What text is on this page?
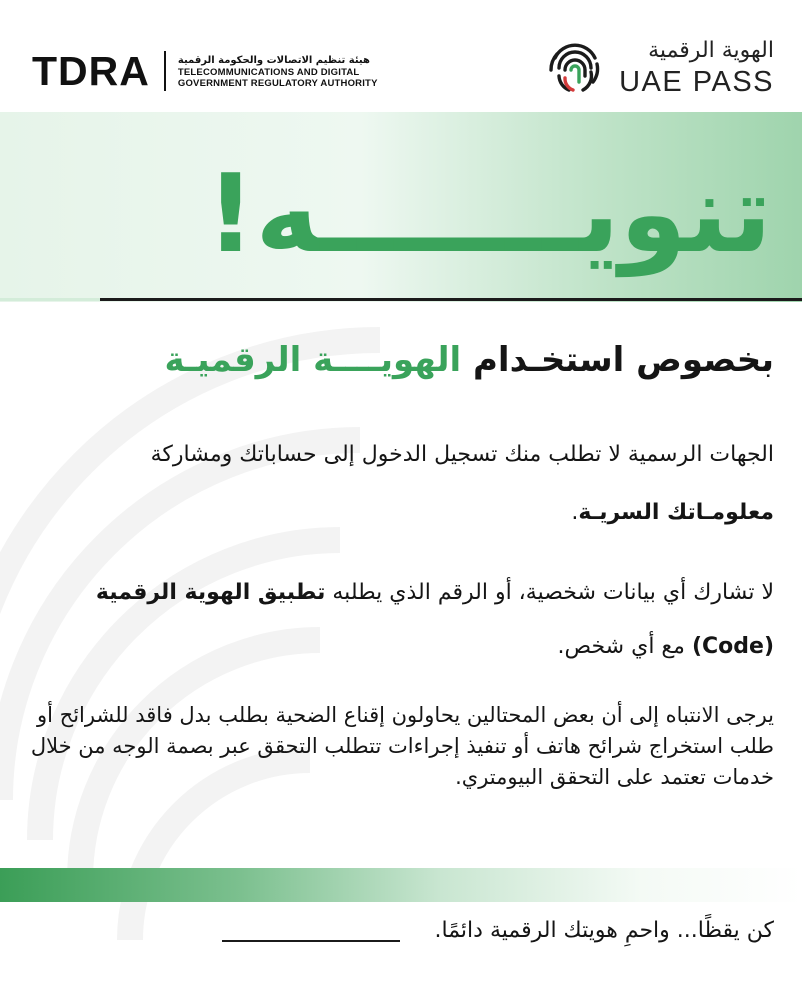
TDRA	هيئة تنظيم الاتصالات والحكومة الرقمية
TELECOMMUNICATIONS AND DIGITAL
GOVERNMENT REGULATORY AUTHORITY
الهوية الرقمية
UAE PASS
تنويـــــــه!
بخصوص استخـدام الهويــــة الرقميـة
الجهات الرسمية لا تطلب منك تسجيل الدخول إلى حساباتك ومشاركة
معلومـاتك السريـة.
لا تشارك أي بيانات شخصية، أو الرقم الذي يطلبه تطبيق الهوية الرقمية
(Code) مع أي شخص.
يرجى الانتباه إلى أن بعض المحتالين يحاولون إقناع الضحية بطلب بدل فاقد للشرائح أو طلب استخراج شرائح هاتف أو تنفيذ إجراءات تتطلب التحقق عبر بصمة الوجه من خلال خدمات تعتمد على التحقق البيومتري.
كن يقظًا... واحمِ هويتك الرقمية دائمًا.
